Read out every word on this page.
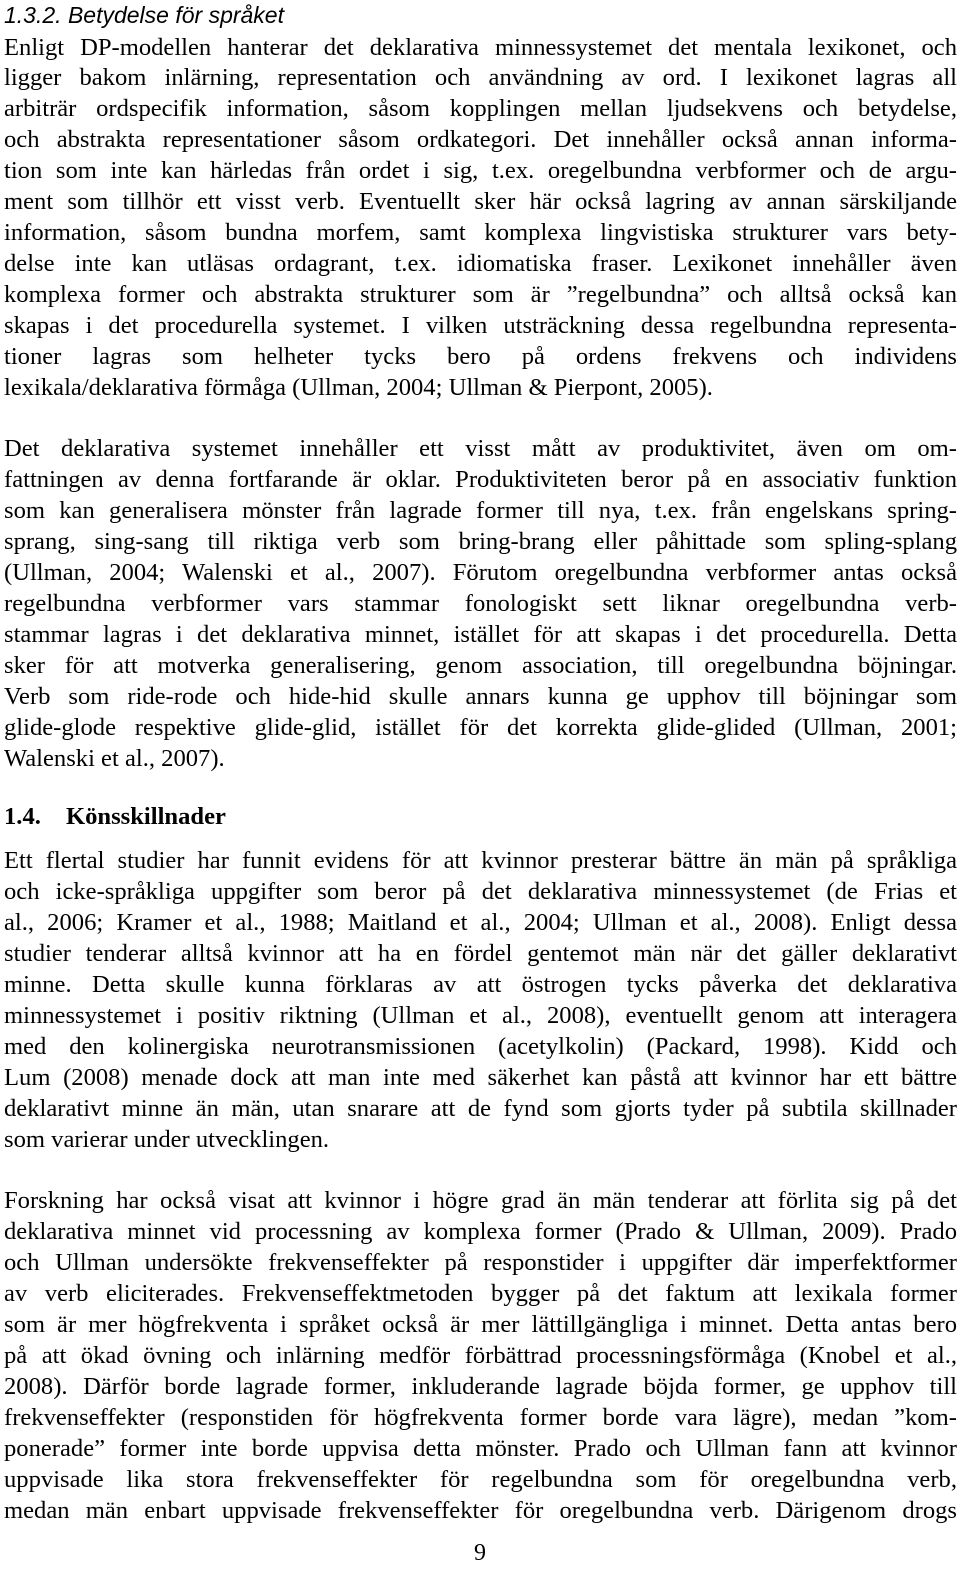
1.3.2. Betydelse för språket
Enligt DP-modellen hanterar det deklarativa minnessystemet det mentala lexikonet, och
ligger bakom inlärning, representation och användning av ord. I lexikonet lagras all
arbiträr ordspecifik information, såsom kopplingen mellan ljudsekvens och betydelse,
och abstrakta representationer såsom ordkategori. Det innehåller också annan informa-
tion som inte kan härledas från ordet i sig, t.ex. oregelbundna verbformer och de argu-
ment som tillhör ett visst verb. Eventuellt sker här också lagring av annan särskiljande
information, såsom bundna morfem, samt komplexa lingvistiska strukturer vars bety-
delse inte kan utläsas ordagrant, t.ex. idiomatiska fraser. Lexikonet innehåller även
komplexa former och abstrakta strukturer som är ”regelbundna” och alltså också kan
skapas i det procedurella systemet. I vilken utsträckning dessa regelbundna representa-
tioner lagras som helheter tycks bero på ordens frekvens och individens
lexikala/deklarativa förmåga (Ullman, 2004; Ullman & Pierpont, 2005).
Det deklarativa systemet innehåller ett visst mått av produktivitet, även om om-
fattningen av denna fortfarande är oklar. Produktiviteten beror på en associativ funktion
som kan generalisera mönster från lagrade former till nya, t.ex. från engelskans spring-
sprang, sing-sang till riktiga verb som bring-brang eller påhittade som spling-splang
(Ullman, 2004; Walenski et al., 2007). Förutom oregelbundna verbformer antas också
regelbundna verbformer vars stammar fonologiskt sett liknar oregelbundna verb-
stammar lagras i det deklarativa minnet, istället för att skapas i det procedurella. Detta
sker för att motverka generalisering, genom association, till oregelbundna böjningar.
Verb som ride-rode och hide-hid skulle annars kunna ge upphov till böjningar som
glide-glode respektive glide-glid, istället för det korrekta glide-glided (Ullman, 2001;
Walenski et al., 2007).
1.4. Könsskillnader
Ett flertal studier har funnit evidens för att kvinnor presterar bättre än män på språkliga
och icke-språkliga uppgifter som beror på det deklarativa minnessystemet (de Frias et
al., 2006; Kramer et al., 1988; Maitland et al., 2004; Ullman et al., 2008). Enligt dessa
studier tenderar alltså kvinnor att ha en fördel gentemot män när det gäller deklarativt
minne. Detta skulle kunna förklaras av att östrogen tycks påverka det deklarativa
minnessystemet i positiv riktning (Ullman et al., 2008), eventuellt genom att interagera
med den kolinergiska neurotransmissionen (acetylkolin) (Packard, 1998). Kidd och
Lum (2008) menade dock att man inte med säkerhet kan påstå att kvinnor har ett bättre
deklarativt minne än män, utan snarare att de fynd som gjorts tyder på subtila skillnader
som varierar under utvecklingen.
Forskning har också visat att kvinnor i högre grad än män tenderar att förlita sig på det
deklarativa minnet vid processning av komplexa former (Prado & Ullman, 2009). Prado
och Ullman undersökte frekvenseffekter på responstider i uppgifter där imperfektformer
av verb eliciterades. Frekvenseffektmetoden bygger på det faktum att lexikala former
som är mer högfrekventa i språket också är mer lättillgängliga i minnet. Detta antas bero
på att ökad övning och inlärning medför förbättrad processningsförmåga (Knobel et al.,
2008). Därför borde lagrade former, inkluderande lagrade böjda former, ge upphov till
frekvenseffekter (responstiden för högfrekventa former borde vara lägre), medan ”kom-
ponerade” former inte borde uppvisa detta mönster. Prado och Ullman fann att kvinnor
uppvisade lika stora frekvenseffekter för regelbundna som för oregelbundna verb,
medan män enbart uppvisade frekvenseffekter för oregelbundna verb. Därigenom drogs
9
